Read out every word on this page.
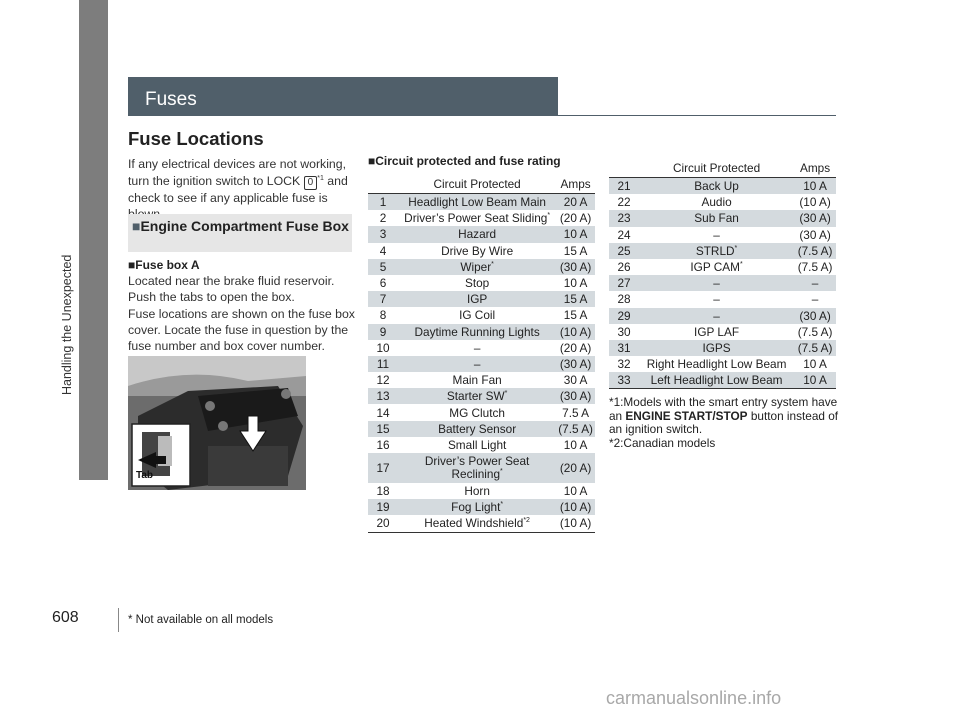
Handling the Unexpected
Fuses
Fuse Locations
If any electrical devices are not working, turn the ignition switch to LOCK 0 $^{*1}$ and check to see if any applicable fuse is
■Engine Compartment Fuse Box
■Fuse box A
Located near the brake fluid reservoir. Push the tabs to open the box.
Fuse locations are shown on the fuse box cover. Locate the fuse in question by the fuse number and box cover number.
Tab
■Circuit protected and fuse rating
	Circuit Protected	Amps
1	Headlight Low Beam Main	20 A
2	Driver’s Power Seat Sliding*	(20 A)
3	Hazard	10 A
4	Drive By Wire	15 A
5	Wiper*	(30 A)
6	Stop	10 A
7	IGP	15 A
8	IG Coil	15 A
9	Daytime Running Lights	(10 A)
10	–	(20 A)
11	–	(30 A)
12	Main Fan	30 A
13	Starter SW*	(30 A)
14	MG Clutch	7.5 A
15	Battery Sensor	(7.5 A)
16	Small Light	10 A
17	Driver’s Power Seat Reclining*	(20 A)
18	Horn	10 A
19	Fog Light*	(10 A)
20	Heated Windshield$^{*2}$	(10 A)
	Circuit Protected	Amps
21	Back Up	10 A
22	Audio	(10 A)
23	Sub Fan	(30 A)
24	–	(30 A)
25	STRLD*	(7.5 A)
26	IGP CAM*	(7.5 A)
27	–	–
28	–	–
29	–	(30 A)
30	IGP LAF	(7.5 A)
31	IGPS	(7.5 A)
32	Right Headlight Low Beam	10 A
33	Left Headlight Low Beam	10 A
*1:Models with the smart entry system have an ENGINE START/STOP button instead of an ignition switch.
*2:Canadian models
608	* Not available on all models
carmanualsonline.info
